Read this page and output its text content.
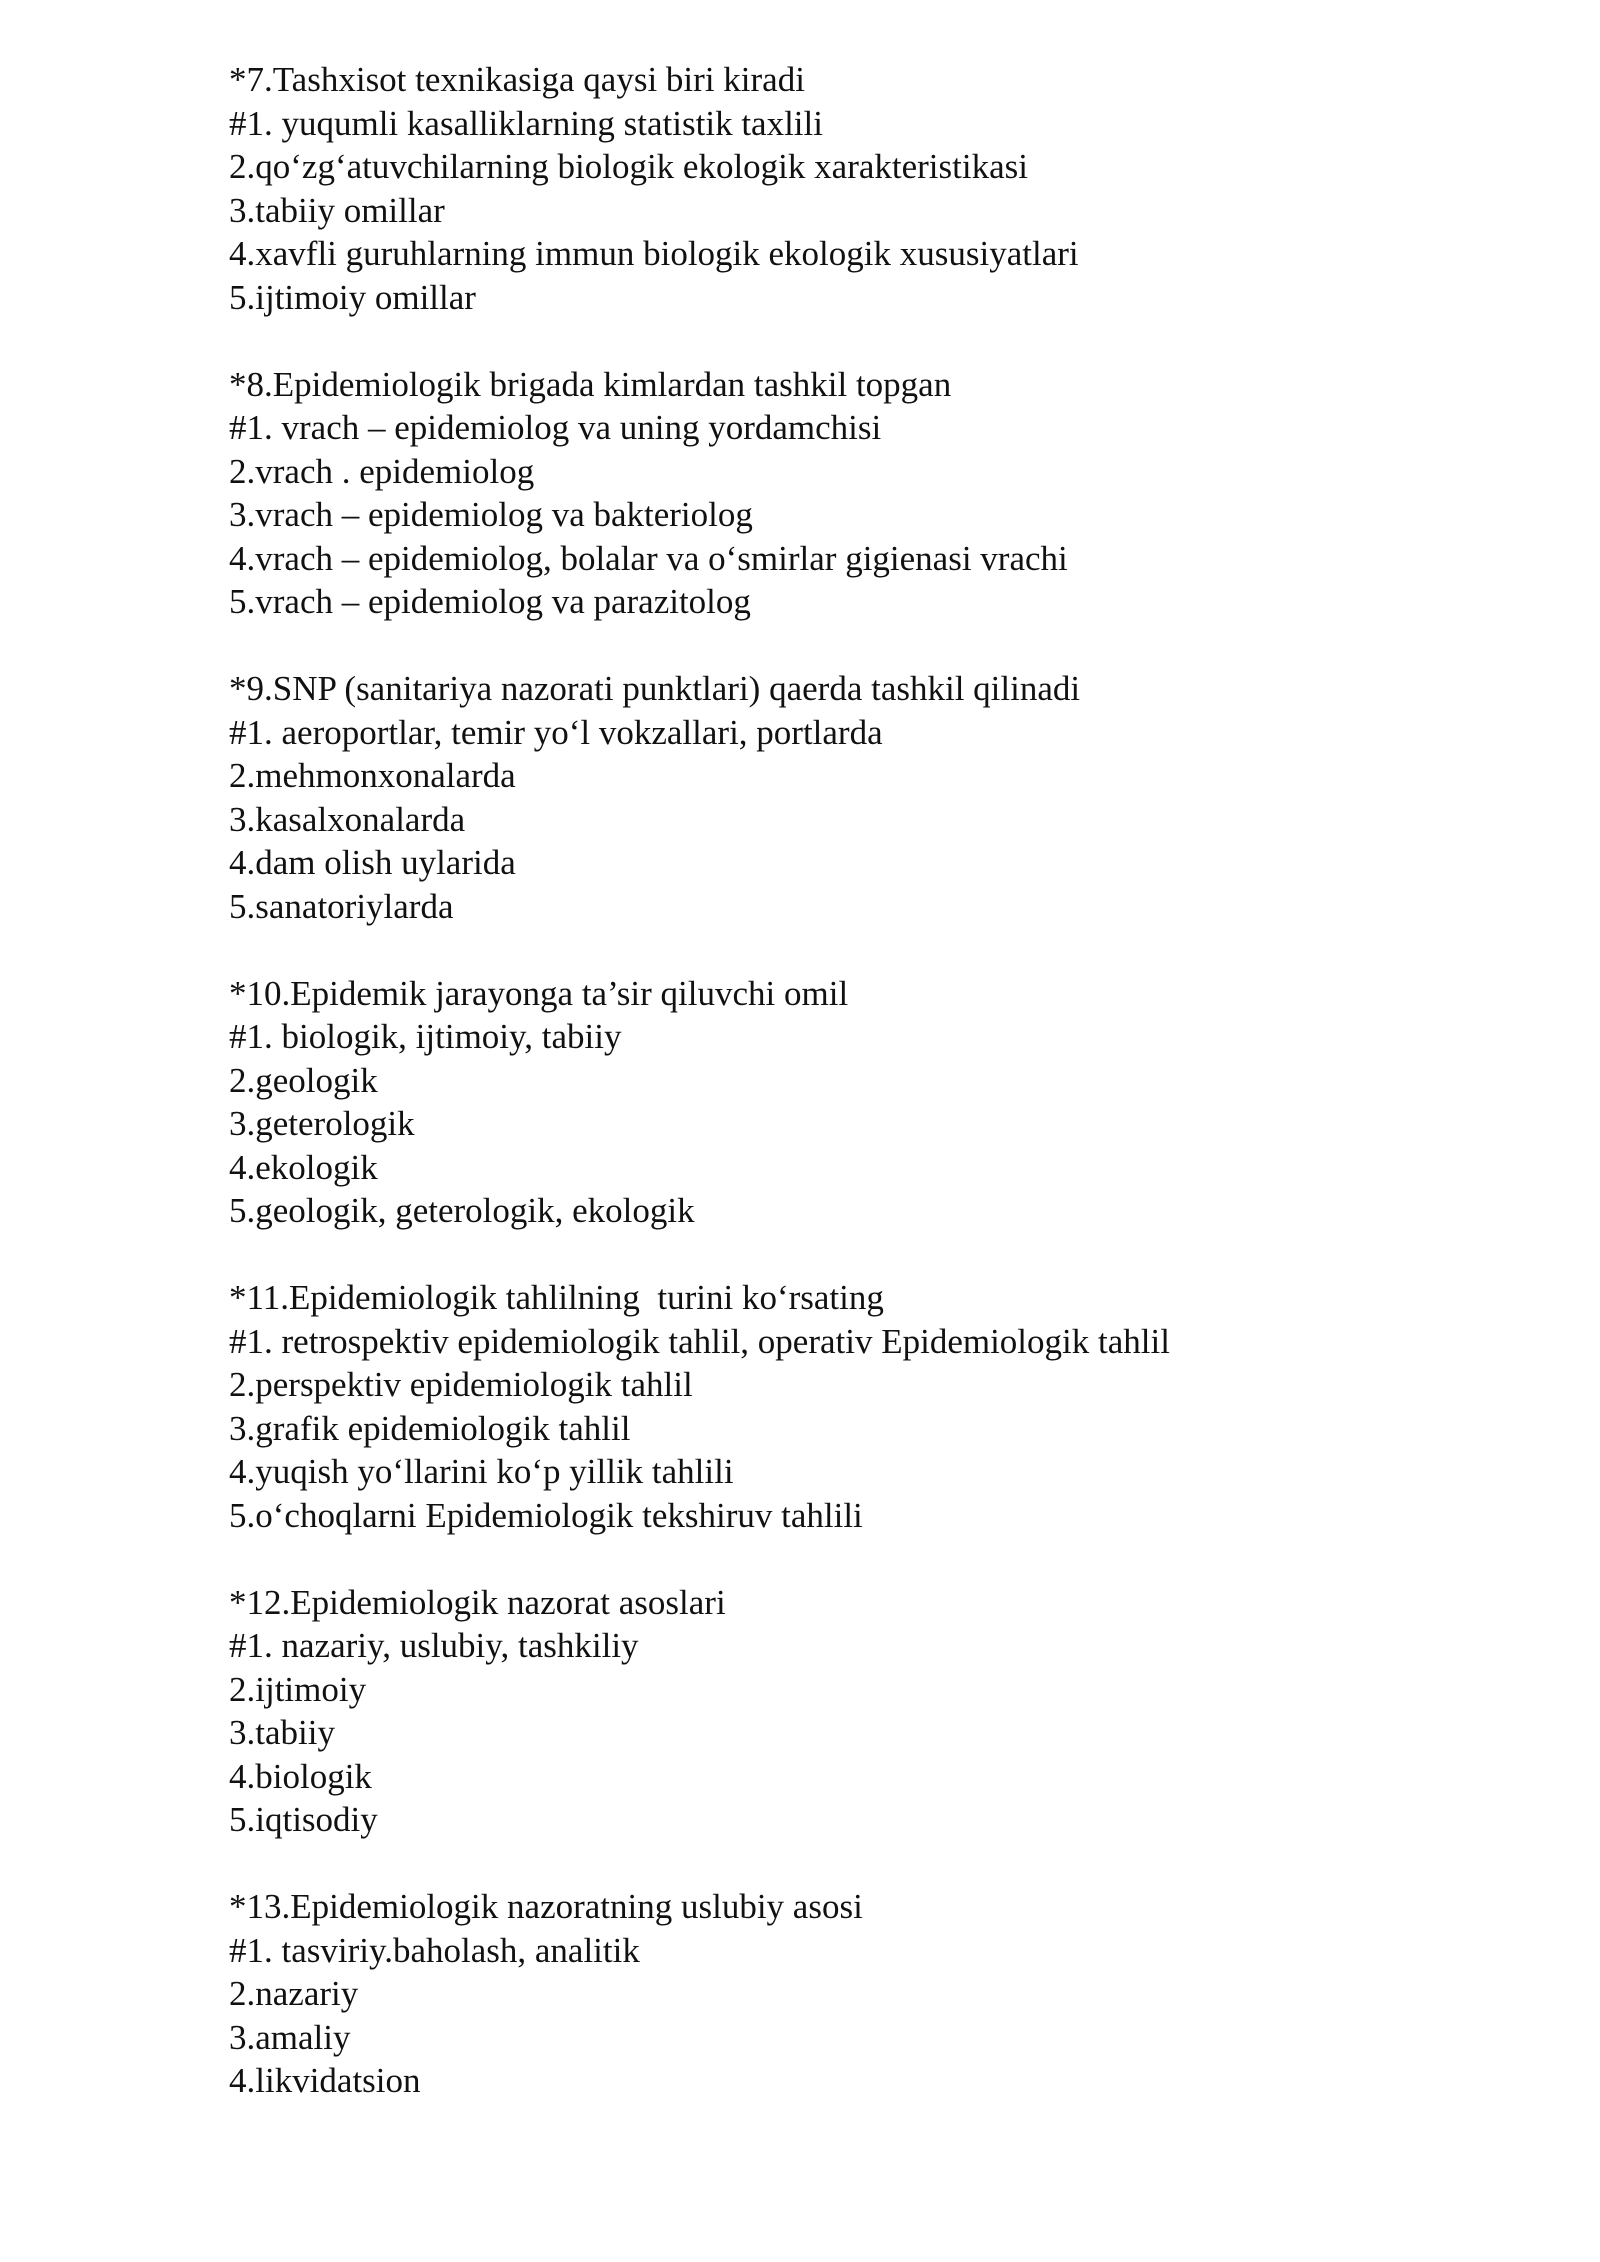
*7.Tashxisot texnikasiga qaysi biri kiradi
#1. yuqumli kasalliklarning statistik taxlili
2.qo‘zg‘atuvchilarning biologik ekologik xarakteristikasi
3.tabiiy omillar
4.xavfli guruhlarning immun biologik ekologik xususiyatlari
5.ijtimoiy omillar
*8.Epidemiologik brigada kimlardan tashkil topgan
#1. vrach – epidemiolog va uning yordamchisi
2.vrach . epidemiolog
3.vrach – epidemiolog va bakteriolog
4.vrach – epidemiolog, bolalar va o‘smirlar gigienasi vrachi
5.vrach – epidemiolog va parazitolog
*9.SNP (sanitariya nazorati punktlari) qaerda tashkil qilinadi
#1. aeroportlar, temir yo‘l vokzallari, portlarda
2.mehmonxonalarda
3.kasalxonalarda
4.dam olish uylarida
5.sanatoriylarda
*10.Epidemik jarayonga ta’sir qiluvchi omil
#1. biologik, ijtimoiy, tabiiy
2.geologik
3.geterologik
4.ekologik
5.geologik, geterologik, ekologik
*11.Epidemiologik tahlilning  turini ko‘rsating
#1. retrospektiv epidemiologik tahlil, operativ Epidemiologik tahlil
2.perspektiv epidemiologik tahlil
3.grafik epidemiologik tahlil
4.yuqish yo‘llarini ko‘p yillik tahlili
5.o‘choqlarni Epidemiologik tekshiruv tahlili
*12.Epidemiologik nazorat asoslari
#1. nazariy, uslubiy, tashkiliy
2.ijtimoiy
3.tabiiy
4.biologik
5.iqtisodiy
*13.Epidemiologik nazoratning uslubiy asosi
#1. tasviriy.baholash, analitik
2.nazariy
3.amaliy
4.likvidatsion
